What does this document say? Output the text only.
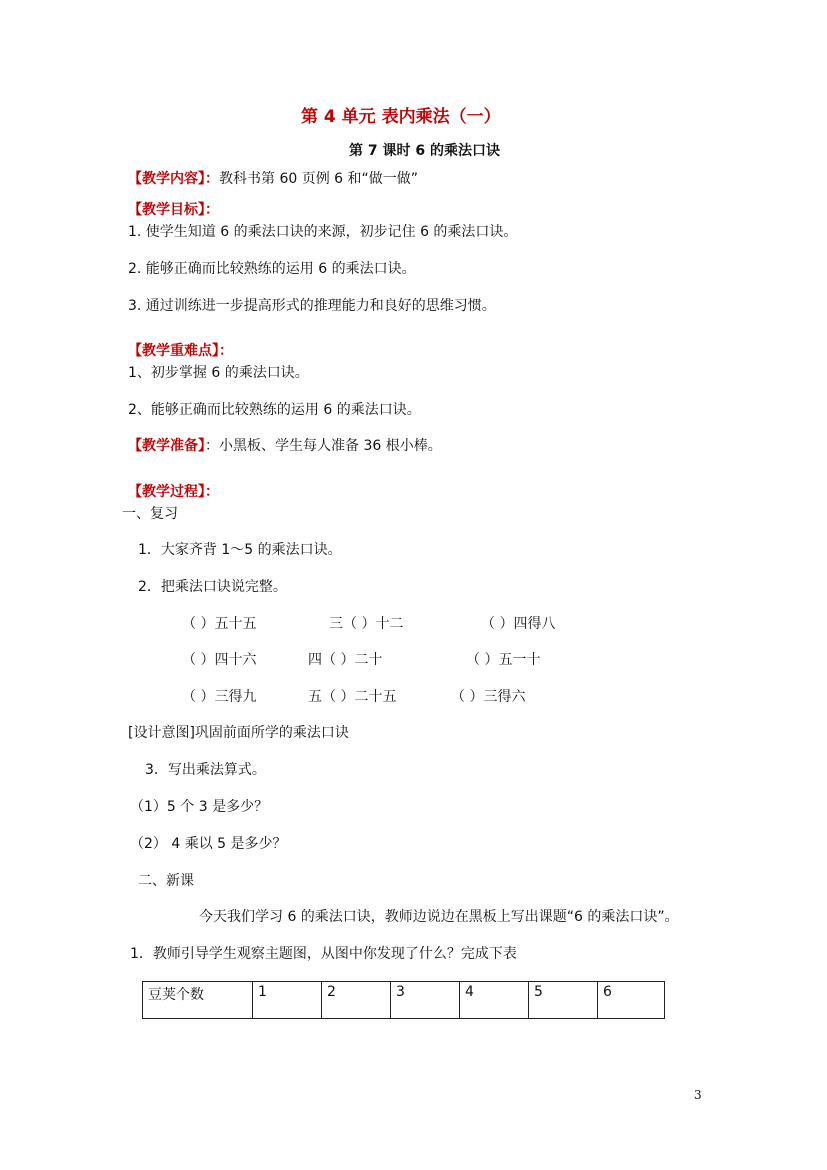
第 4 单元 表内乘法（一）
第 7 课时 6 的乘法口诀
【教学内容】：教科书第 60 页例 6 和“做一做”
【教学目标】：
1. 使学生知道 6 的乘法口诀的来源，初步记住 6 的乘法口诀。
2. 能够正确而比较熟练的运用 6 的乘法口诀。
3. 通过训练进一步提高形式的推理能力和良好的思维习惯。
【教学重难点】：
1、初步掌握 6 的乘法口诀。
2、能够正确而比较熟练的运用 6 的乘法口诀。
【教学准备】：小黑板、学生每人准备 36 根小棒。
【教学过程】：
一、复习
1．大家齐背 1～5 的乘法口诀。
2．把乘法口诀说完整。
（ ）五十五	三（ ）十二	（ ）四得八
（ ）四十六	四（ ）二十	（ ）五一十
（ ）三得九	五（ ）二十五	（ ）三得六
[设计意图]巩固前面所学的乘法口诀
3．写出乘法算式。
（1）5 个 3 是多少？
（2） 4 乘以 5 是多少？
二、新课
今天我们学习 6 的乘法口诀，教师边说边在黑板上写出课题“6 的乘法口诀”。
1．教师引导学生观察主题图，从图中你发现了什么？完成下表
豆荚个数	1	2	3	4	5	6
3
